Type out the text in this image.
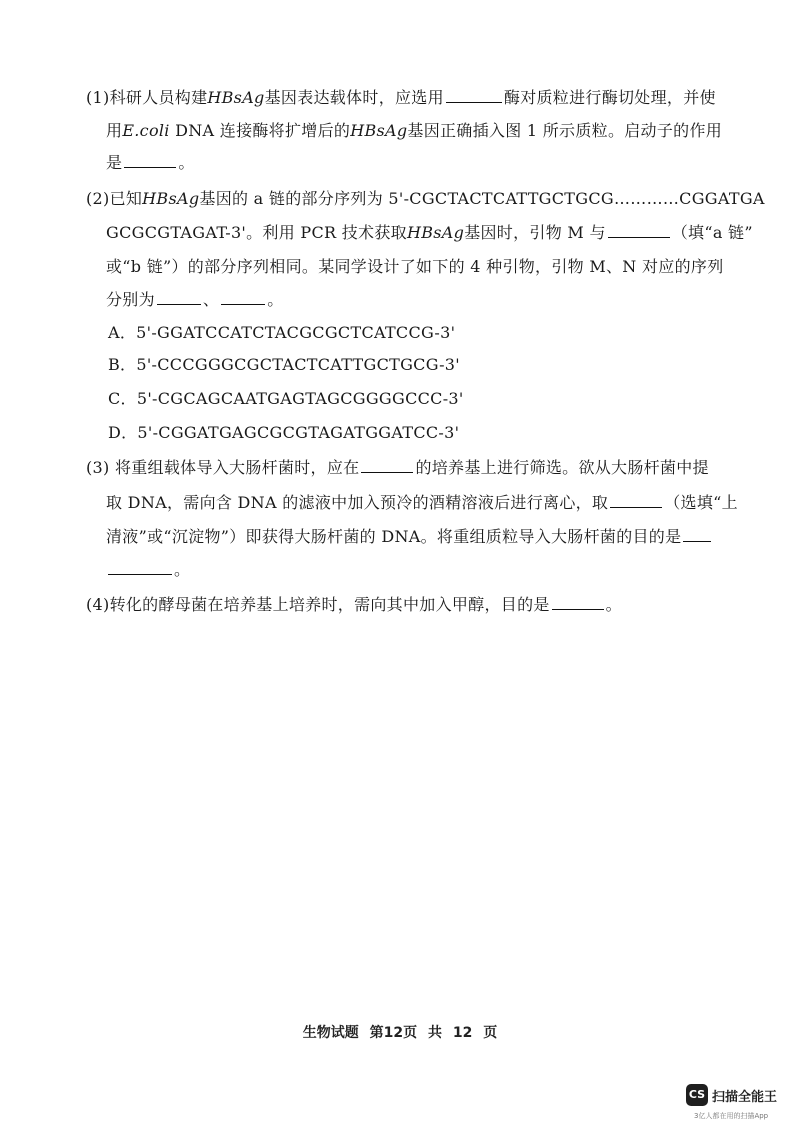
(1)科研人员构建HBsAg基因表达载体时，应选用	酶对质粒进行酶切处理，并使
用E.coli DNA 连接酶将扩增后的HBsAg基因正确插入图 1 所示质粒。启动子的作用
是	。
(2)已知HBsAg基因的 a 链的部分序列为 5'-CGCTACTCATTGCTGCG…………CGGATGA
GCGCGTAGAT-3'。利用 PCR 技术获取HBsAg基因时，引物 M 与	（填“a 链”
或“b 链”）的部分序列相同。某同学设计了如下的 4 种引物，引物 M、N 对应的序列
分别为	、	。
A．5'-GGATCCATCTACGCGCTCATCCG-3'
B．5'-CCCGGGCGCTACTCATTGCTGCG-3'
C．5'-CGCAGCAATGAGTAGCGGGGCCC-3'
D．5'-CGGATGAGCGCGTAGATGGATCC-3'
(3) 将重组载体导入大肠杆菌时，应在	的培养基上进行筛选。欲从大肠杆菌中提
取 DNA，需向含 DNA 的滤液中加入预冷的酒精溶液后进行离心，取	（选填“上
清液”或“沉淀物”）即获得大肠杆菌的 DNA。将重组质粒导入大肠杆菌的目的是
。
(4)转化的酵母菌在培养基上培养时，需向其中加入甲醇，目的是	。
生物试题 第12页 共 12 页
CS 扫描全能王
3亿人都在用的扫描App
